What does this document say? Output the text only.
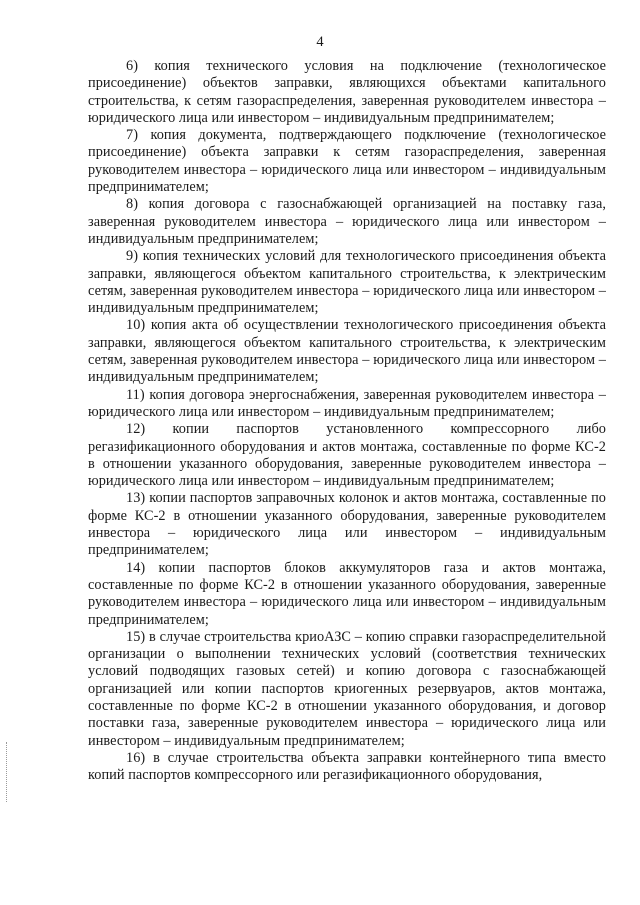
4

6) копия технического условия на подключение (технологическое присоединение) объектов заправки, являющихся объектами капитального строительства, к сетям газораспределения, заверенная руководителем инвестора – юридического лица или инвестором – индивидуальным предпринимателем;

7) копия документа, подтверждающего подключение (технологическое присоединение) объекта заправки к сетям газораспределения, заверенная руководителем инвестора – юридического лица или инвестором – индивидуальным предпринимателем;

8) копия договора с газоснабжающей организацией на поставку газа, заверенная руководителем инвестора – юридического лица или инвестором – индивидуальным предпринимателем;

9) копия технических условий для технологического присоединения объекта заправки, являющегося объектом капитального строительства, к электрическим сетям, заверенная руководителем инвестора – юридического лица или инвестором – индивидуальным предпринимателем;

10) копия акта об осуществлении технологического присоединения объекта заправки, являющегося объектом капитального строительства, к электрическим сетям, заверенная руководителем инвестора – юридического лица или инвестором – индивидуальным предпринимателем;

11) копия договора энергоснабжения, заверенная руководителем инвестора – юридического лица или инвестором – индивидуальным предпринимателем;

12) копии паспортов установленного компрессорного либо регазификационного оборудования и актов монтажа, составленные по форме КС-2 в отношении указанного оборудования, заверенные руководителем инвестора – юридического лица или инвестором – индивидуальным предпринимателем;

13) копии паспортов заправочных колонок и актов монтажа, составленные по форме КС-2 в отношении указанного оборудования, заверенные руководителем инвестора – юридического лица или инвестором – индивидуальным предпринимателем;

14) копии паспортов блоков аккумуляторов газа и актов монтажа, составленные по форме КС-2 в отношении указанного оборудования, заверенные руководителем инвестора – юридического лица или инвестором – индивидуальным предпринимателем;

15) в случае строительства криоАЗС – копию справки газораспределительной организации о выполнении технических условий (соответствия технических условий подводящих газовых сетей) и копию договора с газоснабжающей организацией или копии паспортов криогенных резервуаров, актов монтажа, составленные по форме КС-2 в отношении указанного оборудования, и договор поставки газа, заверенные руководителем инвестора – юридического лица или инвестором – индивидуальным предпринимателем;

16) в случае строительства объекта заправки контейнерного типа вместо копий паспортов компрессорного или регазификационного оборудования,
